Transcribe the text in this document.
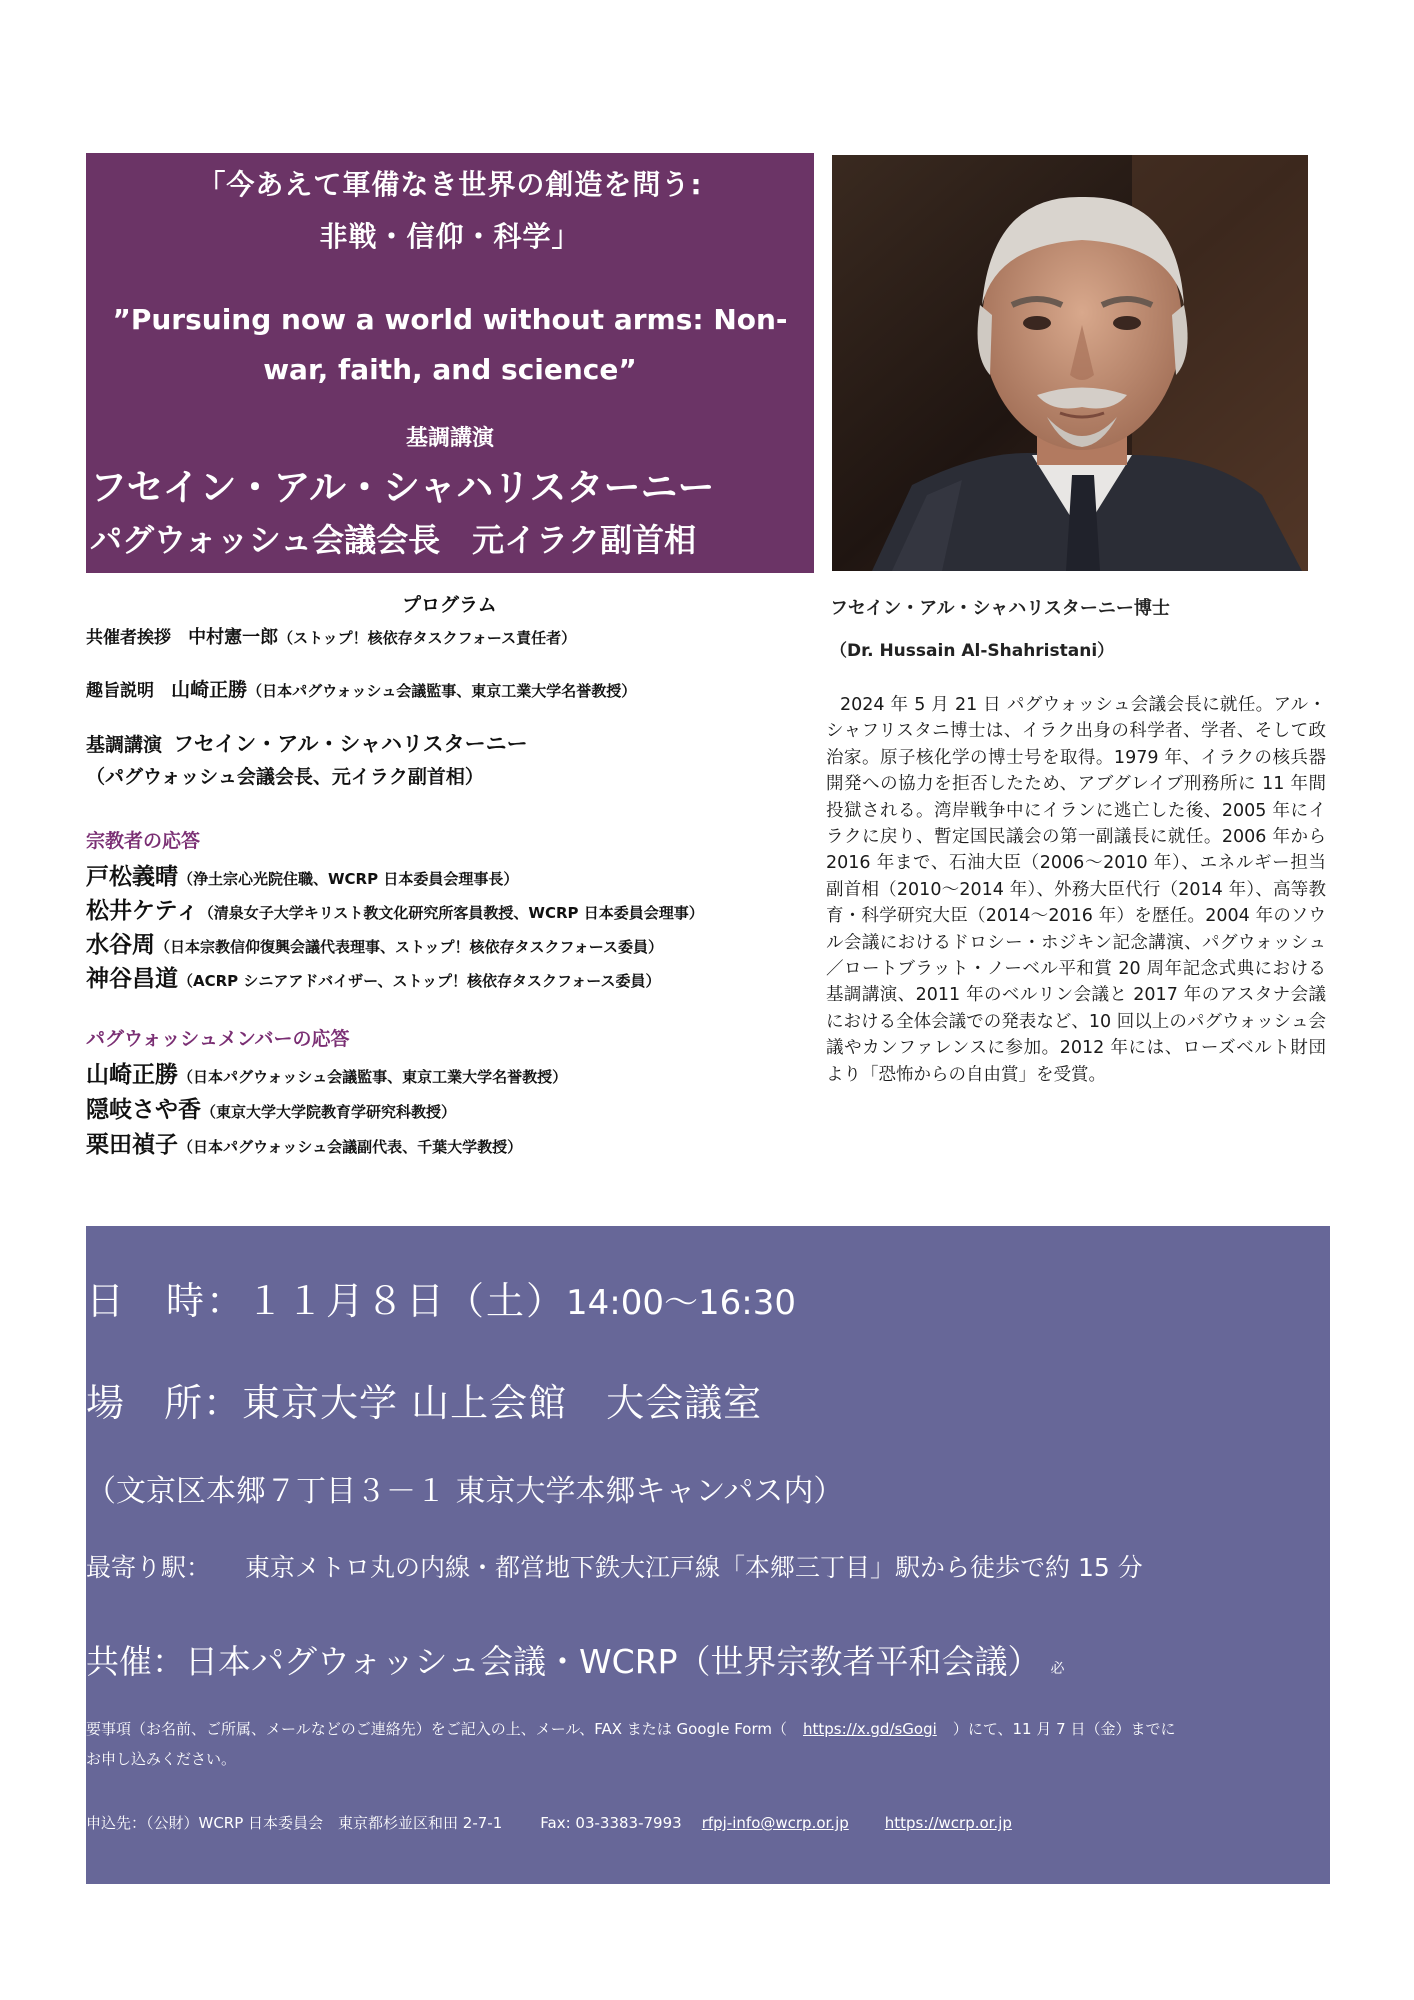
「今あえて軍備なき世界の創造を問う:
非戦・信仰・科学」
”Pursuing now a world without arms: Non-
war, faith, and science”
基調講演
フセイン・アル・シャハリスターニー
パグウォッシュ会議会長　元イラク副首相
フセイン・アル・シャハリスターニー博士
（Dr. Hussain Al-Shahristani）
2024 年 5 月 21 日 パグウォッシュ会議会長に就任。アル・シャフリスタニ博士は、イラク出身の科学者、学者、そして政治家。原子核化学の博士号を取得。1979 年、イラクの核兵器開発への協力を拒否したため、アブグレイブ刑務所に 11 年間投獄される。湾岸戦争中にイランに逃亡した後、2005 年にイラクに戻り、暫定国民議会の第一副議長に就任。2006 年から 2016 年まで、石油大臣（2006～2010 年）、エネルギー担当副首相（2010～2014 年）、外務大臣代行（2014 年）、高等教育・科学研究大臣（2014～2016 年）を歴任。2004 年のソウル会議におけるドロシー・ホジキン記念講演、パグウォッシュ／ロートブラット・ノーベル平和賞 20 周年記念式典における基調講演、2011 年のベルリン会議と 2017 年のアスタナ会議における全体会議での発表など、10 回以上のパグウォッシュ会議やカンファレンスに参加。2012 年には、ローズベルト財団より「恐怖からの自由賞」を受賞。
プログラム
共催者挨拶 中村憲一郎（ストップ！核依存タスクフォース責任者）
趣旨説明 山崎正勝（日本パグウォッシュ会議監事、東京工業大学名誉教授）
基調講演 フセイン・アル・シャハリスターニー
（パグウォッシュ会議会長、元イラク副首相）
宗教者の応答
戸松義晴（浄土宗心光院住職、WCRP 日本委員会理事長）
松井ケティ（清泉女子大学キリスト教文化研究所客員教授、WCRP 日本委員会理事）
水谷周（日本宗教信仰復興会議代表理事、ストップ！核依存タスクフォース委員）
神谷昌道（ACRP シニアアドバイザー、ストップ！核依存タスクフォース委員）
パグウォッシュメンバーの応答
山崎正勝（日本パグウォッシュ会議監事、東京工業大学名誉教授）
隠岐さや香（東京大学大学院教育学研究科教授）
栗田禎子（日本パグウォッシュ会議副代表、千葉大学教授）
日　時：１１月８日（土）14:00～16:30
場　所：東京大学 山上会館　大会議室
（文京区本郷７丁目３－１ 東京大学本郷キャンパス内）
最寄り駅： 東京メトロ丸の内線・都営地下鉄大江戸線「本郷三丁目」駅から徒歩で約 15 分
共催：日本パグウォッシュ会議・WCRP（世界宗教者平和会議） 必
要事項（お名前、ご所属、メールなどのご連絡先）をご記入の上、メール、FAX または Google Form（ https://x.gd/sGogi ）にて、11 月 7 日（金）までに
お申し込みください。
申込先：（公財）WCRP 日本委員会　東京都杉並区和田 2-7-1	Fax: 03-3383-7993 rfpj-info@wcrp.or.jp https://wcrp.or.jp
